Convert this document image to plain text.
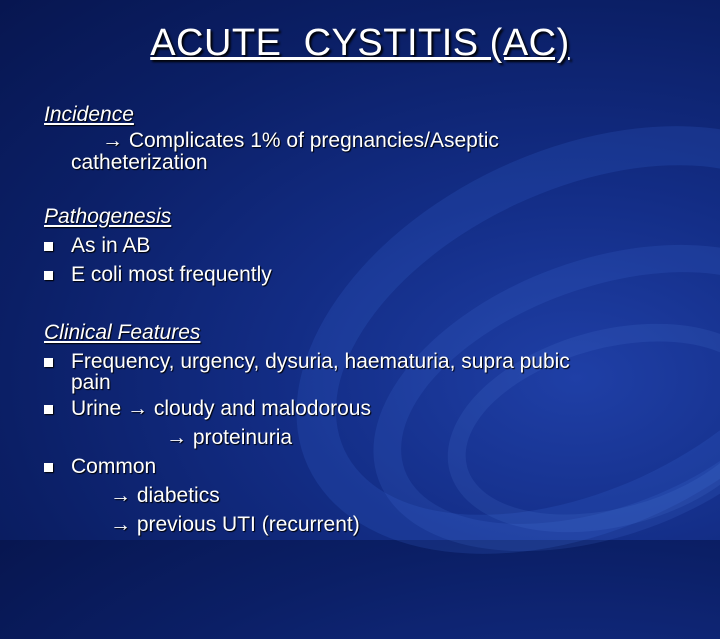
ACUTE  CYSTITIS (AC)
Incidence
→ Complicates 1% of pregnancies/Aseptic
catheterization
Pathogenesis
As in AB
E coli most frequently
Clinical Features
Frequency, urgency, dysuria, haematuria, supra pubic
pain
Urine → cloudy and malodorous
→ proteinuria
Common
→ diabetics
→ previous UTI (recurrent)
